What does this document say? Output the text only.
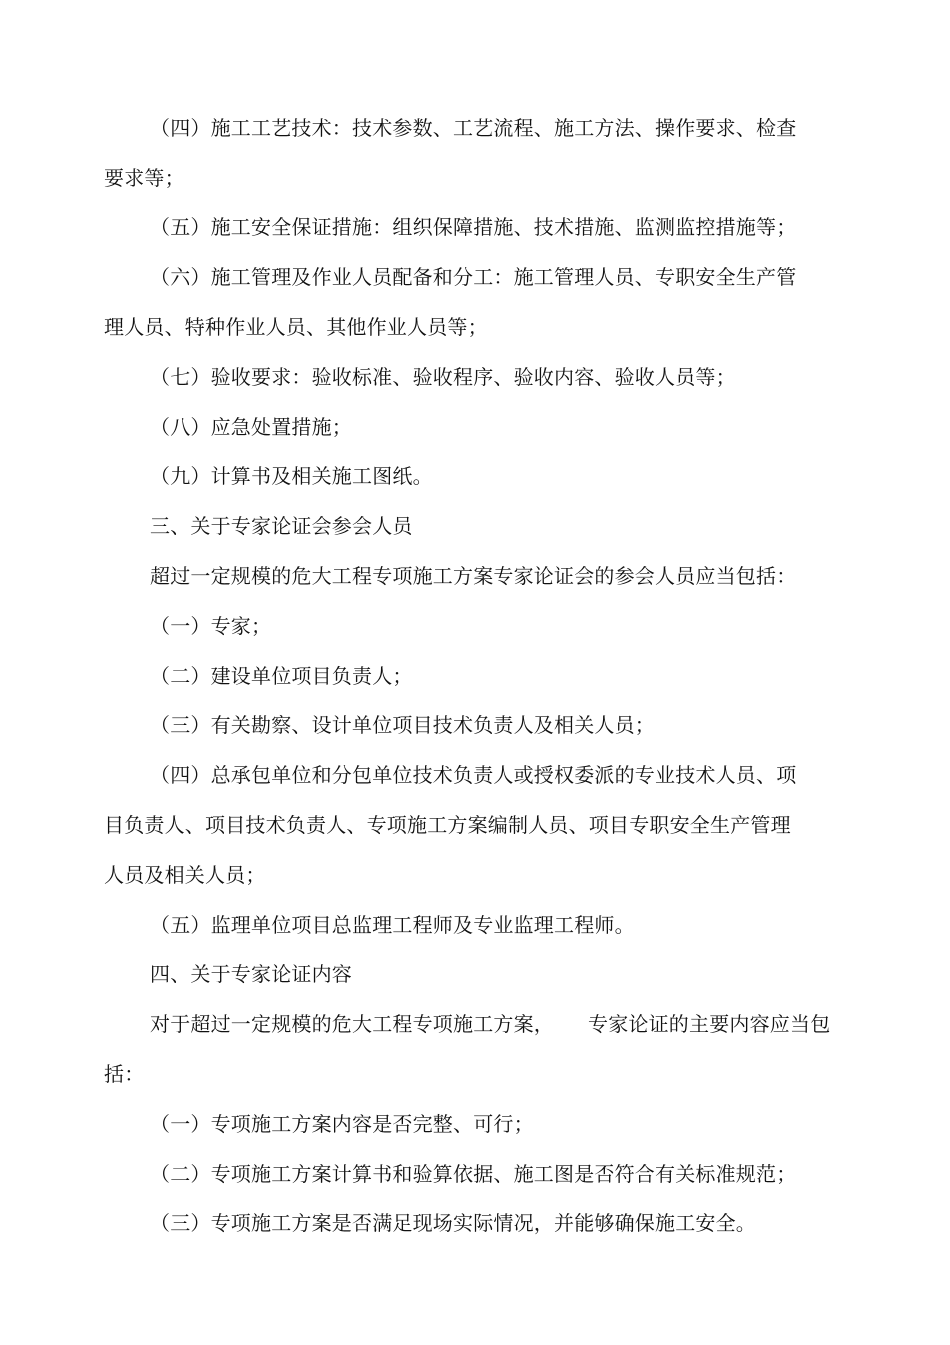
（四）施工工艺技术：技术参数、工艺流程、施工方法、操作要求、检查
要求等；
（五）施工安全保证措施：组织保障措施、技术措施、监测监控措施等；
（六）施工管理及作业人员配备和分工：施工管理人员、专职安全生产管
理人员、特种作业人员、其他作业人员等；
（七）验收要求：验收标准、验收程序、验收内容、验收人员等；
（八）应急处置措施；
（九）计算书及相关施工图纸。
三、关于专家论证会参会人员
超过一定规模的危大工程专项施工方案专家论证会的参会人员应当包括：
（一）专家；
（二）建设单位项目负责人；
（三）有关勘察、设计单位项目技术负责人及相关人员；
（四）总承包单位和分包单位技术负责人或授权委派的专业技术人员、项
目负责人、项目技术负责人、专项施工方案编制人员、项目专职安全生产管理
人员及相关人员；
（五）监理单位项目总监理工程师及专业监理工程师。
四、关于专家论证内容
对于超过一定规模的危大工程专项施工方案， 专家论证的主要内容应当包
括：
（一）专项施工方案内容是否完整、可行；
（二）专项施工方案计算书和验算依据、施工图是否符合有关标准规范；
（三）专项施工方案是否满足现场实际情况，并能够确保施工安全。
